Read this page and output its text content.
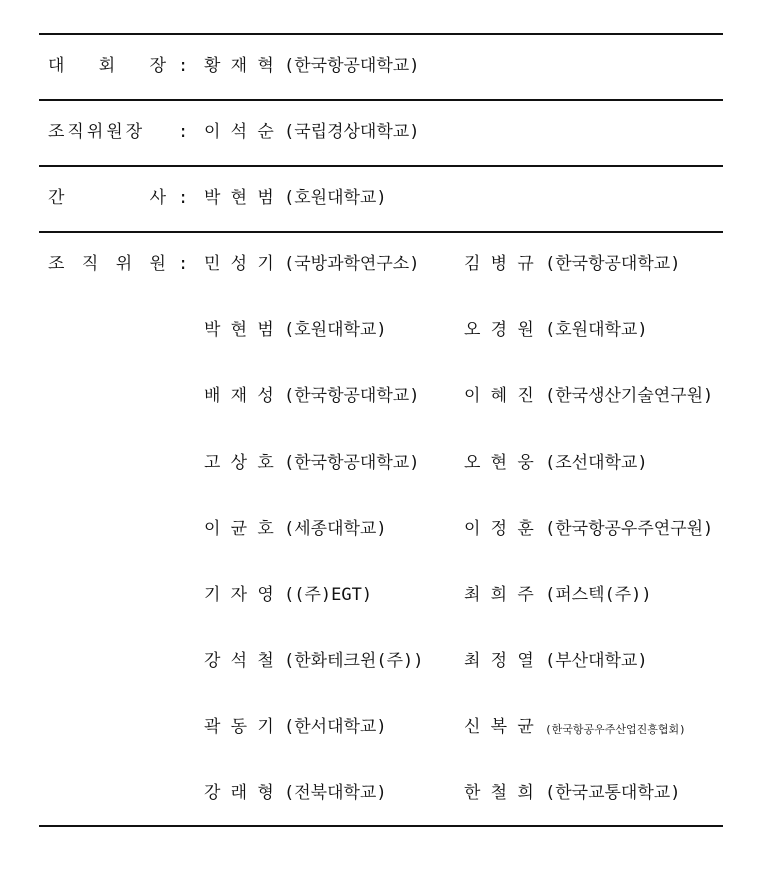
대 회 장 : 황 재 혁 (한국항공대학교)
조직위원장 : 이 석 순 (국립경상대학교)
간	사 : 박 현 범 (호원대학교)
조 직 위 원 : 민 성 기 (국방과학연구소)	김 병 규 (한국항공대학교)
박 현 범 (호원대학교)	오 경 원 (호원대학교)
배 재 성 (한국항공대학교)	이 혜 진 (한국생산기술연구원)
고 상 호 (한국항공대학교)	오 현 웅 (조선대학교)
이 균 호 (세종대학교)	이 정 훈 (한국항공우주연구원)
기 자 영 ((주)EGT)	최 희 주 (퍼스텍(주))
강 석 철 (한화테크윈(주)) 최 정 열 (부산대학교)
곽 동 기 (한서대학교)	신 복 균 (한국항공우주산업진흥협회)
강 래 형 (전북대학교)	한 철 희 (한국교통대학교)
